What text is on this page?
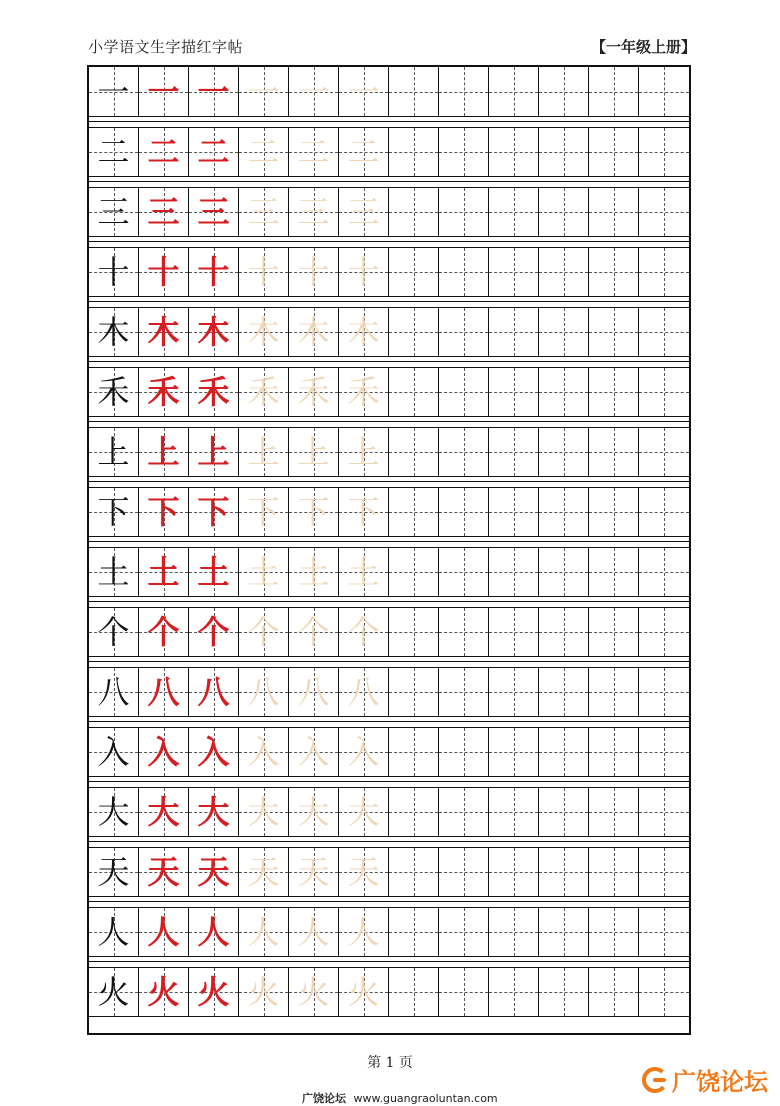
小学语文生字描红字帖	【一年级上册】
一 一 一 一 一 一
二 二 二 二 二 二
三 三 三 三 三 三
十 十 十 十 十 十
木 木 木 木 木 木
禾 禾 禾 禾 禾 禾
上 上 上 上 上 上
下 下 下 下 下 下
土 土 土 土 土 土
个 个 个 个 个 个
八 八 八 八 八 八
入 入 入 入 入 入
大 大 大 大 大 大
天 天 天 天 天 天
人 人 人 人 人 人
火 火 火 火 火 火
第 1 页
广饶论坛 www.guangraoluntan.com
广饶论坛
